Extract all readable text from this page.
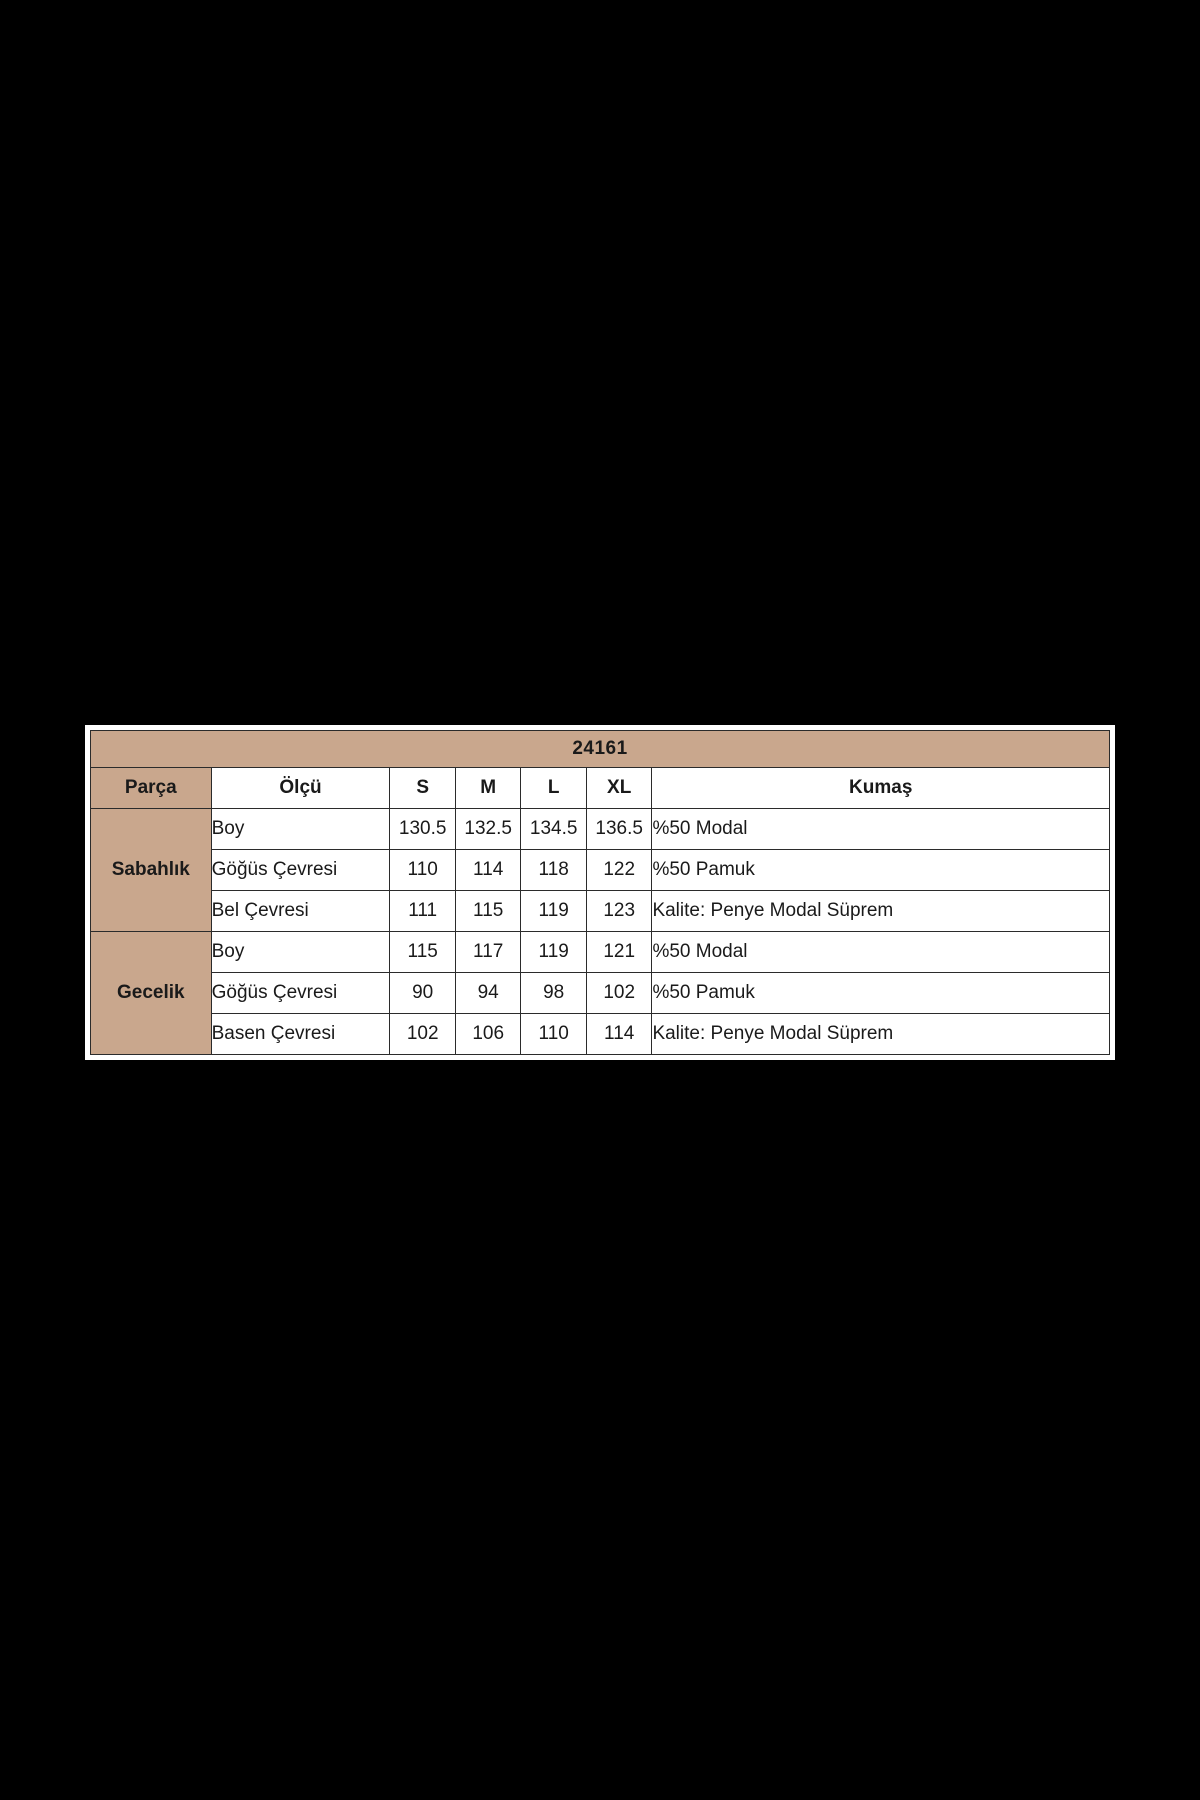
24161						
Parça	Ölçü	S	M	L	XL	Kumaş
Sabahlık	Boy	130.5	132.5	134.5	136.5	%50 Modal
	Göğüs Çevresi	110	114	118	122	%50 Pamuk
	Bel Çevresi	111	115	119	123	Kalite: Penye Modal Süprem
Gecelik	Boy	115	117	119	121	%50 Modal
	Göğüs Çevresi	90	94	98	102	%50 Pamuk
	Basen Çevresi	102	106	110	114	Kalite: Penye Modal Süprem
